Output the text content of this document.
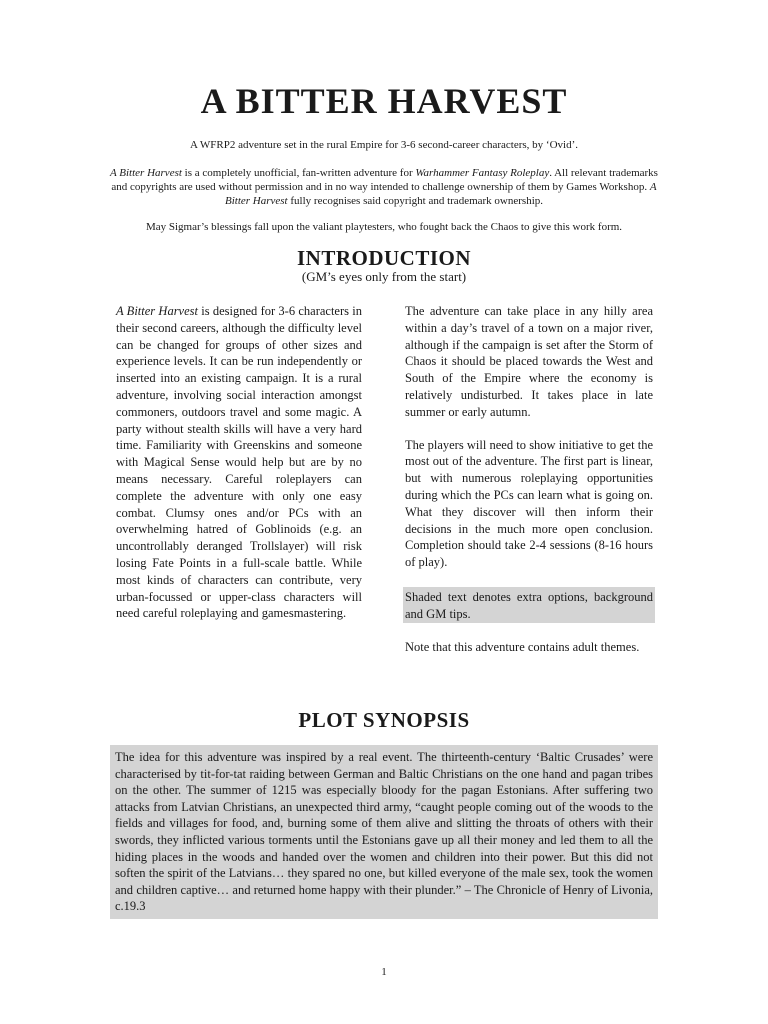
A BITTER HARVEST
A WFRP2 adventure set in the rural Empire for 3-6 second-career characters, by ‘Ovid’.
A Bitter Harvest is a completely unofficial, fan-written adventure for Warhammer Fantasy Roleplay. All relevant trademarks and copyrights are used without permission and in no way intended to challenge ownership of them by Games Workshop. A Bitter Harvest fully recognises said copyright and trademark ownership.
May Sigmar’s blessings fall upon the valiant playtesters, who fought back the Chaos to give this work form.
INTRODUCTION
(GM’s eyes only from the start)

A Bitter Harvest is designed for 3-6 characters in their second careers, although the difficulty level can be changed for groups of other sizes and experience levels. It can be run independently or inserted into an existing campaign. It is a rural adventure, involving social interaction amongst commoners, outdoors travel and some magic. A party without stealth skills will have a very hard time. Familiarity with Greenskins and someone with Magical Sense would help but are by no means necessary. Careful roleplayers can complete the adventure with only one easy combat. Clumsy ones and/or PCs with an overwhelming hatred of Goblinoids (e.g. an uncontrollably deranged Trollslayer) will risk losing Fate Points in a full-scale battle. While most kinds of characters can contribute, very urban-focussed or upper-class characters will need careful roleplaying and gamesmastering.

The adventure can take place in any hilly area within a day’s travel of a town on a major river, although if the campaign is set after the Storm of Chaos it should be placed towards the West and South of the Empire where the economy is relatively undisturbed. It takes place in late summer or early autumn.

The players will need to show initiative to get the most out of the adventure. The first part is linear, but with numerous roleplaying opportunities during which the PCs can learn what is going on. What they discover will then inform their decisions in the much more open conclusion. Completion should take 2-4 sessions (8-16 hours of play).

Shaded text denotes extra options, background and GM tips.

Note that this adventure contains adult themes.

PLOT SYNOPSIS
The idea for this adventure was inspired by a real event. The thirteenth-century ‘Baltic Crusades’ were characterised by tit-for-tat raiding between German and Baltic Christians on the one hand and pagan tribes on the other. The summer of 1215 was especially bloody for the pagan Estonians. After suffering two attacks from Latvian Christians, an unexpected third army, “caught people coming out of the woods to the fields and villages for food, and, burning some of them alive and slitting the throats of others with their swords, they inflicted various torments until the Estonians gave up all their money and led them to all the hiding places in the woods and handed over the women and children into their power. But this did not soften the spirit of the Latvians… they spared no one, but killed everyone of the male sex, took the women and children captive… and returned home happy with their plunder.” – The Chronicle of Henry of Livonia, c.19.3
1
